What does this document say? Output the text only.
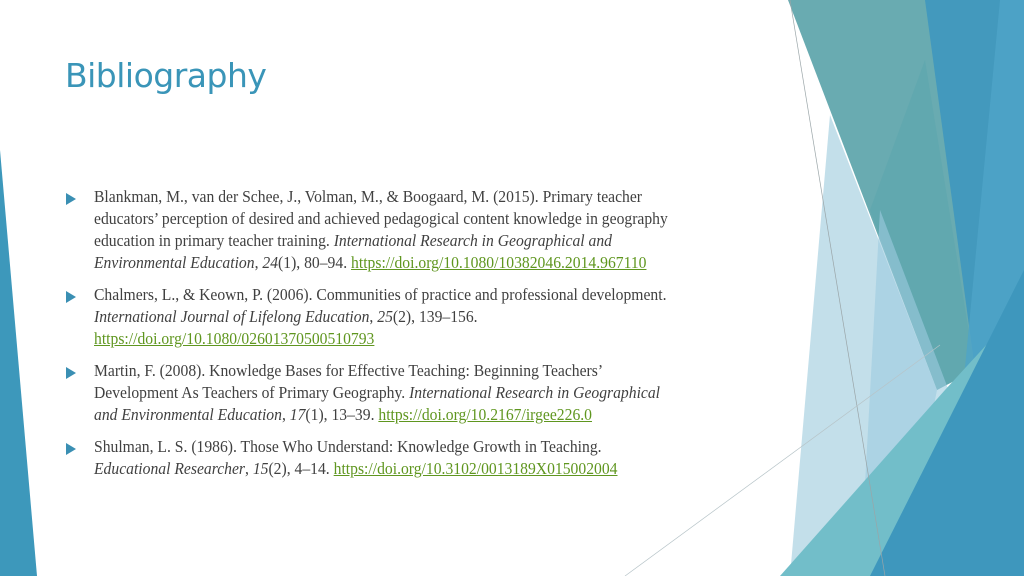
Bibliography
Blankman, M., van der Schee, J., Volman, M., & Boogaard, M. (2015). Primary teacher
educators’ perception of desired and achieved pedagogical content knowledge in geography
education in primary teacher training. International Research in Geographical and
Environmental Education, 24(1), 80–94. https://doi.org/10.1080/10382046.2014.967110
Chalmers, L., & Keown, P. (2006). Communities of practice and professional development.
International Journal of Lifelong Education, 25(2), 139–156.
https://doi.org/10.1080/02601370500510793
Martin, F. (2008). Knowledge Bases for Effective Teaching: Beginning Teachers’
Development As Teachers of Primary Geography. International Research in Geographical
and Environmental Education, 17(1), 13–39. https://doi.org/10.2167/irgee226.0
Shulman, L. S. (1986). Those Who Understand: Knowledge Growth in Teaching.
Educational Researcher, 15(2), 4–14. https://doi.org/10.3102/0013189X015002004
